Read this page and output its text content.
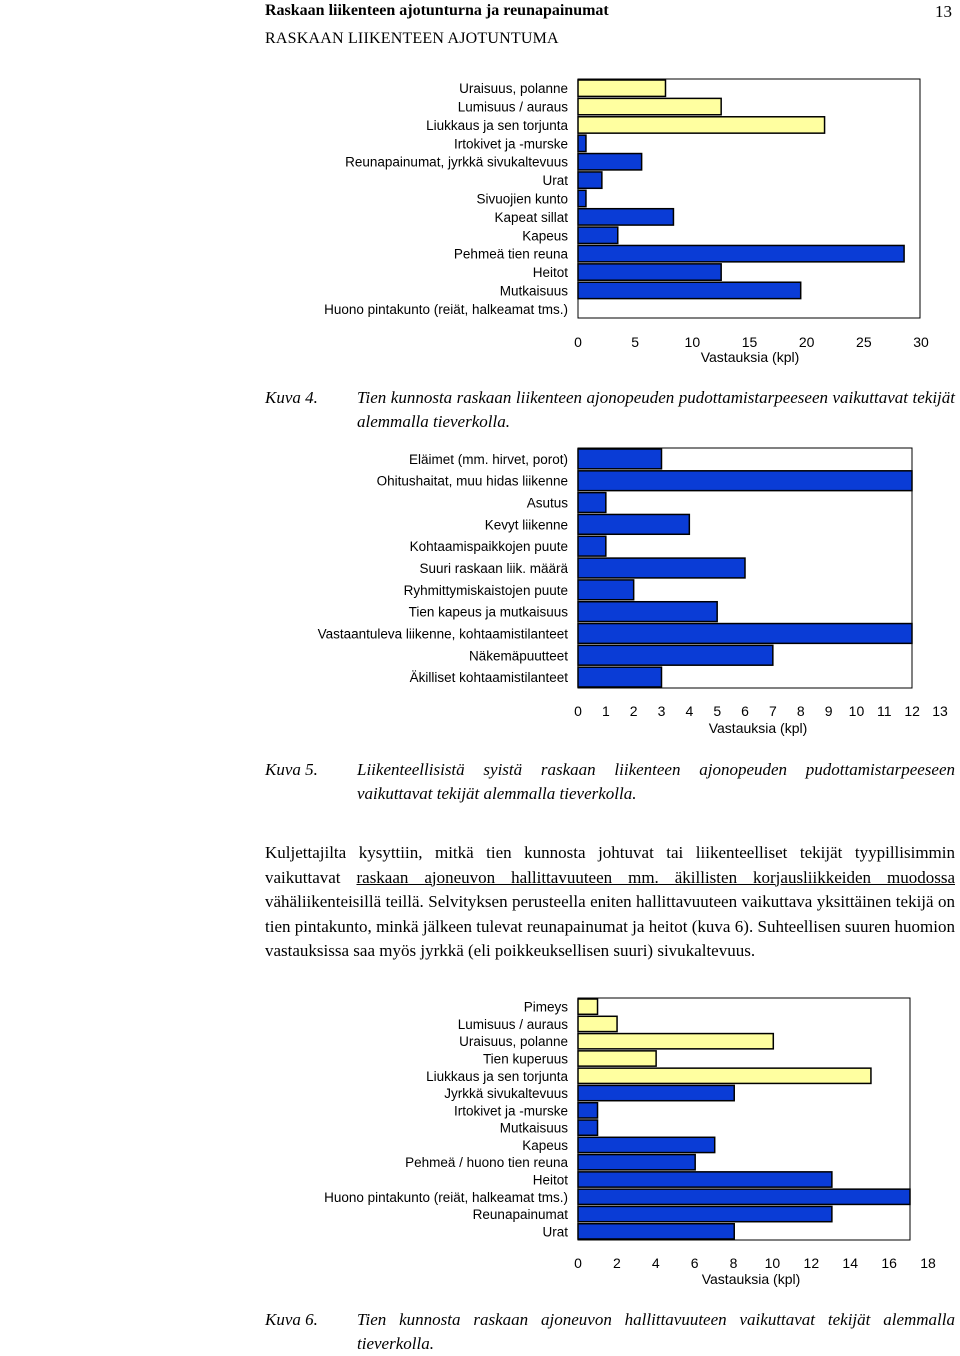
Raskaan liikenteen ajotunturna ja reunapainumat	13
RASKAAN LIIKENTEEN AJOTUNTUMA
Uraisuus, polanne
Lumisuus / auraus
Liukkaus ja sen torjunta
Irtokivet ja -murske
Reunapainumat, jyrkkä sivukaltevuus
Urat
Sivuojien kunto
Kapeat sillat
Kapeus
Pehmeä tien reuna
Heitot
Mutkaisuus
Huono pintakunto (reiät, halkeamat tms.)
0	5	10	15	20	25	30
Vastauksia (kpl)
Kuva 4. Tien kunnosta raskaan liikenteen ajonopeuden pudottamistarpeeseen vaikuttavat tekijät alemmalla tieverkolla.
Eläimet (mm. hirvet, porot)
Ohitushaitat, muu hidas liikenne
Asutus
Kevyt liikenne
Kohtaamispaikkojen puute
Suuri raskaan liik. määrä
Ryhmittymiskaistojen puute
Tien kapeus ja mutkaisuus
Vastaantuleva liikenne, kohtaamistilanteet
Näkemäpuutteet
Äkilliset kohtaamistilanteet
0 1 2 3 4 5 6 7 8 9 10 11 12 13
Vastauksia (kpl)
Kuva 5. Liikenteellisistä syistä raskaan liikenteen ajonopeuden pudottamistarpeeseen vaikuttavat tekijät alemmalla tieverkolla.
Kuljettajilta kysyttiin, mitkä tien kunnosta johtuvat tai liikenteelliset tekijät tyypillisimmin vaikuttavat raskaan ajoneuvon hallittavuuteen mm. äkillisten korjausliikkeiden muodossa vähäliikenteisillä teillä. Selvityksen perusteella eniten hallittavuuteen vaikuttava yksittäinen tekijä on tien pintakunto, minkä jälkeen tulevat reunapainumat ja heitot (kuva 6). Suhteellisen suuren huomion vastauksissa saa myös jyrkkä (eli poikkeuksellisen suuri) sivukaltevuus.
Pimeys
Lumisuus / auraus
Uraisuus, polanne
Tien kuperuus
Liukkaus ja sen torjunta
Jyrkkä sivukaltevuus
Irtokivet ja -murske
Mutkaisuus
Kapeus
Pehmeä / huono tien reuna
Heitot
Huono pintakunto (reiät, halkeamat tms.)
Reunapainumat
Urat
0 2 4 6 8 10 12 14 16 18
Vastauksia (kpl)
Kuva 6. Tien kunnosta raskaan ajoneuvon hallittavuuteen vaikuttavat tekijät alemmalla tieverkolla.
